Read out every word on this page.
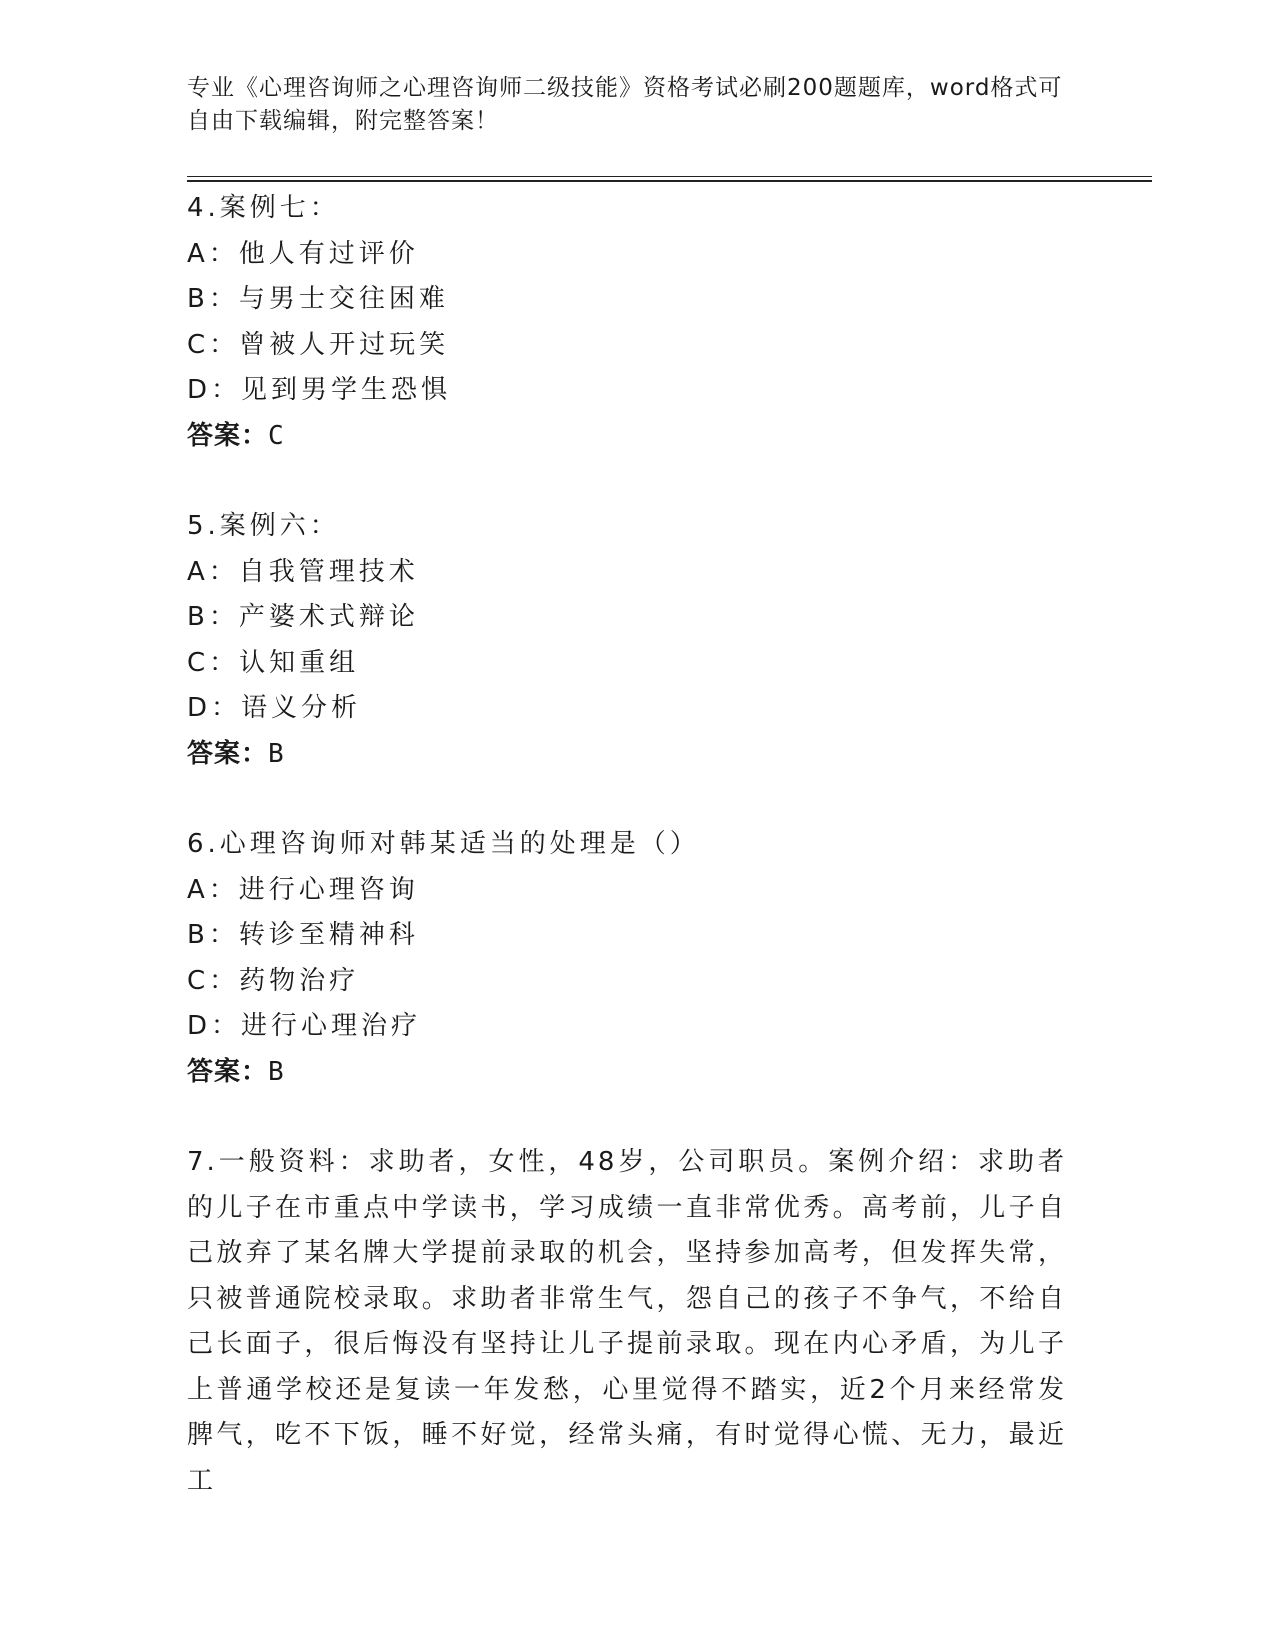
专业《心理咨询师之心理咨询师二级技能》资格考试必刷200题题库，word格式可自由下载编辑，附完整答案！
4.案例七：
A：他人有过评价
B：与男士交往困难
C：曾被人开过玩笑
D：见到男学生恐惧
答案：C
5.案例六：
A：自我管理技术
B：产婆术式辩论
C：认知重组
D：语义分析
答案：B
6.心理咨询师对韩某适当的处理是（）
A：进行心理咨询
B：转诊至精神科
C：药物治疗
D：进行心理治疗
答案：B
7.一般资料：求助者，女性，48岁，公司职员。案例介绍：求助者的儿子在市重点中学读书，学习成绩一直非常优秀。高考前，儿子自己放弃了某名牌大学提前录取的机会，坚持参加高考，但发挥失常，只被普通院校录取。求助者非常生气，怨自己的孩子不争气，不给自己长面子，很后悔没有坚持让儿子提前录取。现在内心矛盾，为儿子上普通学校还是复读一年发愁，心里觉得不踏实，近2个月来经常发脾气，吃不下饭，睡不好觉，经常头痛，有时觉得心慌、无力，最近工
